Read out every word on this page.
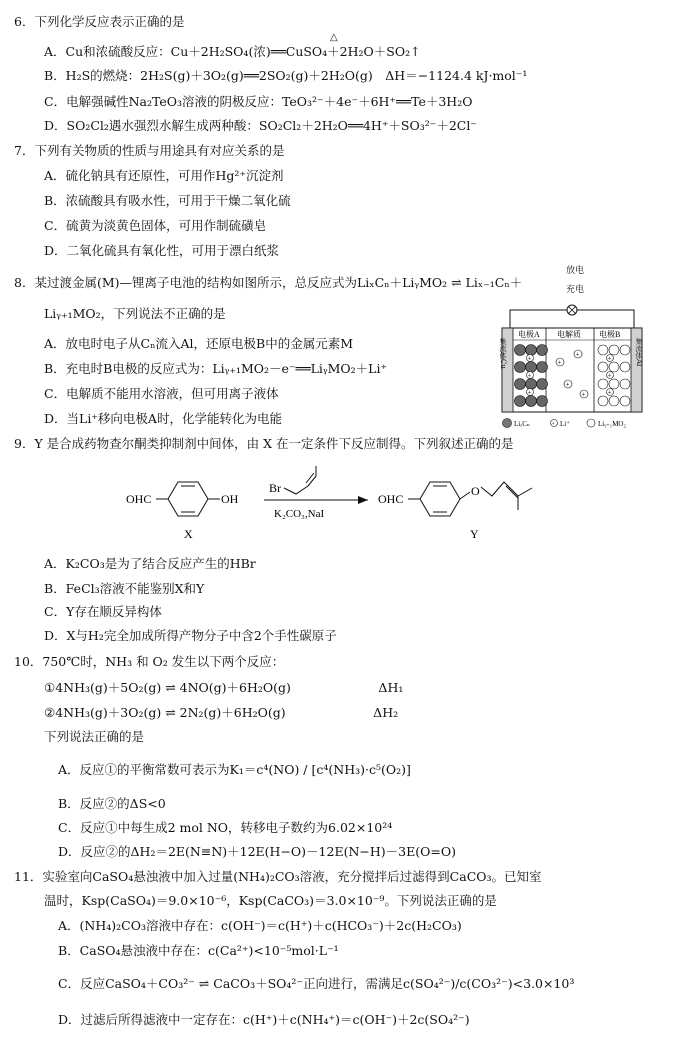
6．下列化学反应表示正确的是
A．Cu和浓硫酸反应：Cu＋2H₂SO₄(浓)══CuSO₄＋2H₂O＋SO₂↑
B．H₂S的燃烧：2H₂S(g)＋3O₂(g)══2SO₂(g)＋2H₂O(g)　ΔH＝−1124.4 kJ·mol⁻¹
C．电解强碱性Na₂TeO₃溶液的阴极反应：TeO₃²⁻＋4e⁻＋6H⁺══Te＋3H₂O
D．SO₂Cl₂遇水强烈水解生成两种酸：SO₂Cl₂＋2H₂O══4H⁺＋SO₃²⁻＋2Cl⁻
7．下列有关物质的性质与用途具有对应关系的是
A．硫化钠具有还原性，可用作Hg²⁺沉淀剂
B．浓硫酸具有吸水性，可用于干燥二氧化硫
C．硫黄为淡黄色固体，可用作制硫磺皂
D．二氧化硫具有氧化性，可用于漂白纸浆
8．某过渡金属(M)—锂离子电池的结构如图所示，总反应式为LiₓCₙ＋LiᵧMO₂ ⇌ Liₓ₋₁Cₙ＋
Liᵧ₊₁MO₂，下列说法不正确的是
A．放电时电子从Cₙ流入Al，还原电极B中的金属元素M
B．充电时B电极的反应式为：Liᵧ₊₁MO₂－e⁻══LiᵧMO₂＋Li⁺
C．电解质不能用水溶液，但可用离子液体
D．当Li⁺移向电极A时，化学能转化为电能
9．Y 是合成药物查尔酮类抑制剂中间体，由 X 在一定条件下反应制得。下列叙述正确的是
A．K₂CO₃是为了结合反应产生的HBr
B．FeCl₃溶液不能鉴别X和Y
C．Y存在顺反异构体
D．X与H₂完全加成所得产物分子中含2个手性碳原子
10．750℃时，NH₃ 和 O₂ 发生以下两个反应：
①4NH₃(g)＋5O₂(g) ⇌ 4NO(g)＋6H₂O(g)　　　　　　　ΔH₁
②4NH₃(g)＋3O₂(g) ⇌ 2N₂(g)＋6H₂O(g)　　　　　　　ΔH₂
下列说法正确的是
A．反应①的平衡常数可表示为K₁＝c⁴(NO) / [c⁴(NH₃)·c⁵(O₂)]
B．反应②的ΔS<0
C．反应①中每生成2 mol NO，转移电子数约为6.02×10²⁴
D．反应②的ΔH₂＝2E(N≡N)＋12E(H−O)－12E(N−H)－3E(O=O)
11．实验室向CaSO₄悬浊液中加入过量(NH₄)₂CO₃溶液，充分搅拌后过滤得到CaCO₃。已知室
温时，Ksp(CaSO₄)＝9.0×10⁻⁶，Ksp(CaCO₃)＝3.0×10⁻⁹。下列说法正确的是
A．(NH₄)₂CO₃溶液中存在：c(OH⁻)＝c(H⁺)＋c(HCO₃⁻)＋2c(H₂CO₃)
B．CaSO₄悬浊液中存在：c(Ca²⁺)<10⁻⁵mol·L⁻¹
C．反应CaSO₄＋CO₃²⁻ ⇌ CaCO₃＋SO₄²⁻正向进行，需满足c(SO₄²⁻)/c(CO₃²⁻)<3.0×10³
D．过滤后所得滤液中一定存在：c(H⁺)＋c(NH₄⁺)＝c(OH⁻)＋2c(SO₄²⁻)
△
放电
充电
电极A 电解质 电极B
+
+
+
+
+
+
+
+
+
+
LiₓCₙ	+ Li⁺	Liᵧ₊₁MO₂
集流体Cu	集流体Al
OHC	OH
X
Br
K₂CO₃,NaI
OHC
O
Y
